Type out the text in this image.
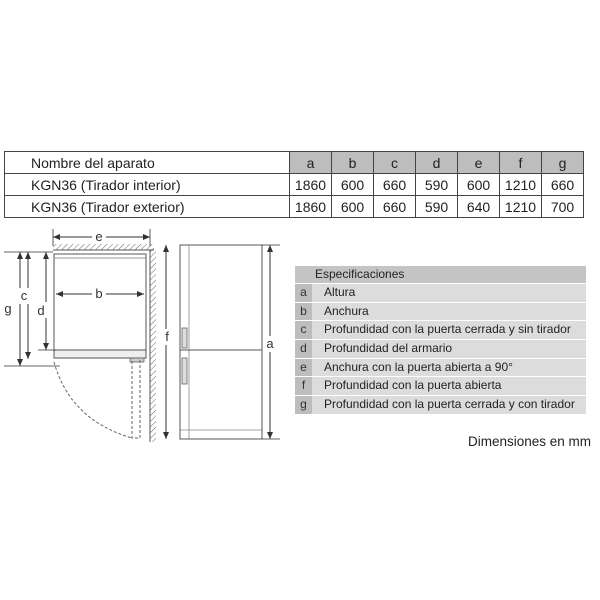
Nombre del aparato	a	b	c	d	e	f	g
KGN36 (Tirador interior)	1860	600	660	590	600	1210	660
KGN36 (Tirador exterior)	1860	600	660	590	640	1210	700
e
b
g
c
d
f	a
Especificaciones
a	Altura
b	Anchura
c	Profundidad con la puerta cerrada y sin tirador
d	Profundidad del armario
e	Anchura con la puerta abierta a 90°
f	Profundidad con la puerta abierta
g	Profundidad con la puerta cerrada y con tirador
Dimensiones en mm
